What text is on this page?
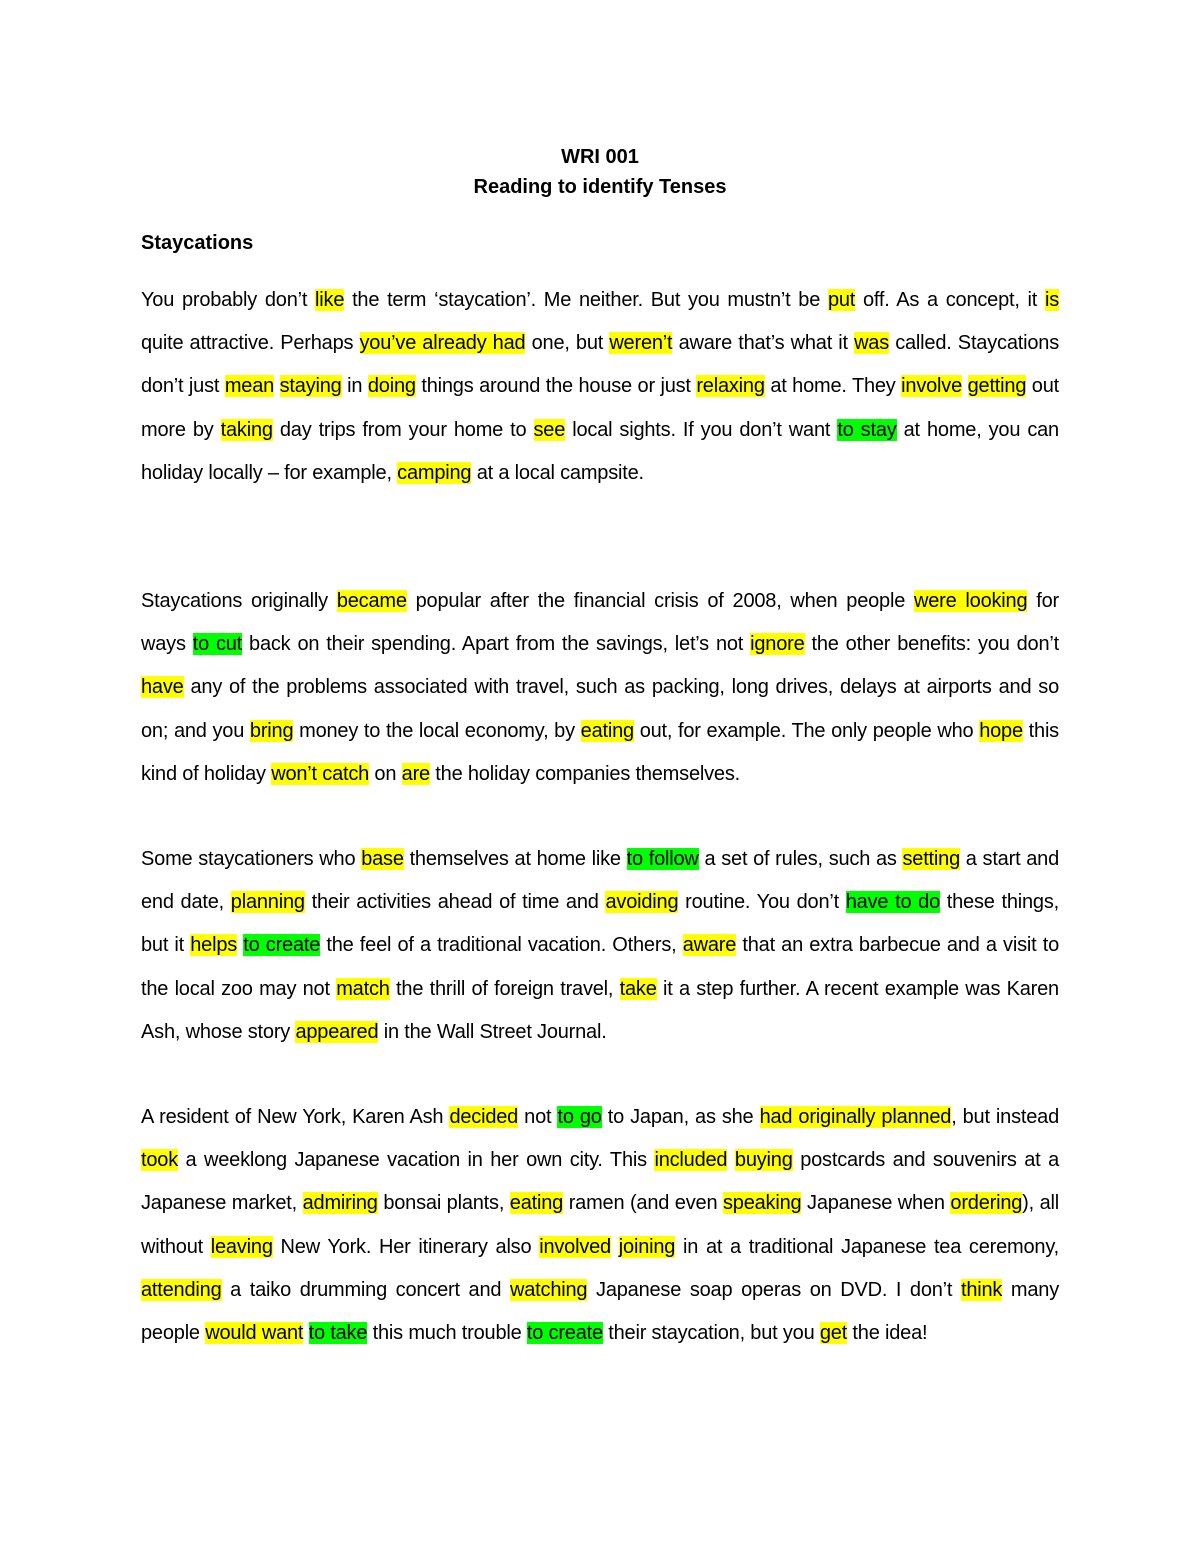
WRI 001
Reading to identify Tenses
Staycations
You probably don’t like the term ‘staycation’. Me neither. But you mustn’t be put off. As a concept, it is quite attractive. Perhaps you’ve already had one, but weren’t aware that’s what it was called. Staycations don’t just mean staying in doing things around the house or just relaxing at home. They involve getting out more by taking day trips from your home to see local sights. If you don’t want to stay at home, you can holiday locally – for example, camping at a local campsite.
Staycations originally became popular after the financial crisis of 2008, when people were looking for ways to cut back on their spending. Apart from the savings, let’s not ignore the other benefits: you don’t have any of the problems associated with travel, such as packing, long drives, delays at airports and so on; and you bring money to the local economy, by eating out, for example. The only people who hope this kind of holiday won’t catch on are the holiday companies themselves.
Some staycationers who base themselves at home like to follow a set of rules, such as setting a start and end date, planning their activities ahead of time and avoiding routine. You don’t have to do these things, but it helps to create the feel of a traditional vacation. Others, aware that an extra barbecue and a visit to the local zoo may not match the thrill of foreign travel, take it a step further. A recent example was Karen Ash, whose story appeared in the Wall Street Journal.
A resident of New York, Karen Ash decided not to go to Japan, as she had originally planned, but instead took a weeklong Japanese vacation in her own city. This included buying postcards and souvenirs at a Japanese market, admiring bonsai plants, eating ramen (and even speaking Japanese when ordering), all without leaving New York. Her itinerary also involved joining in at a traditional Japanese tea ceremony, attending a taiko drumming concert and watching Japanese soap operas on DVD. I don’t think many people would want to take this much trouble to create their staycation, but you get the idea!
